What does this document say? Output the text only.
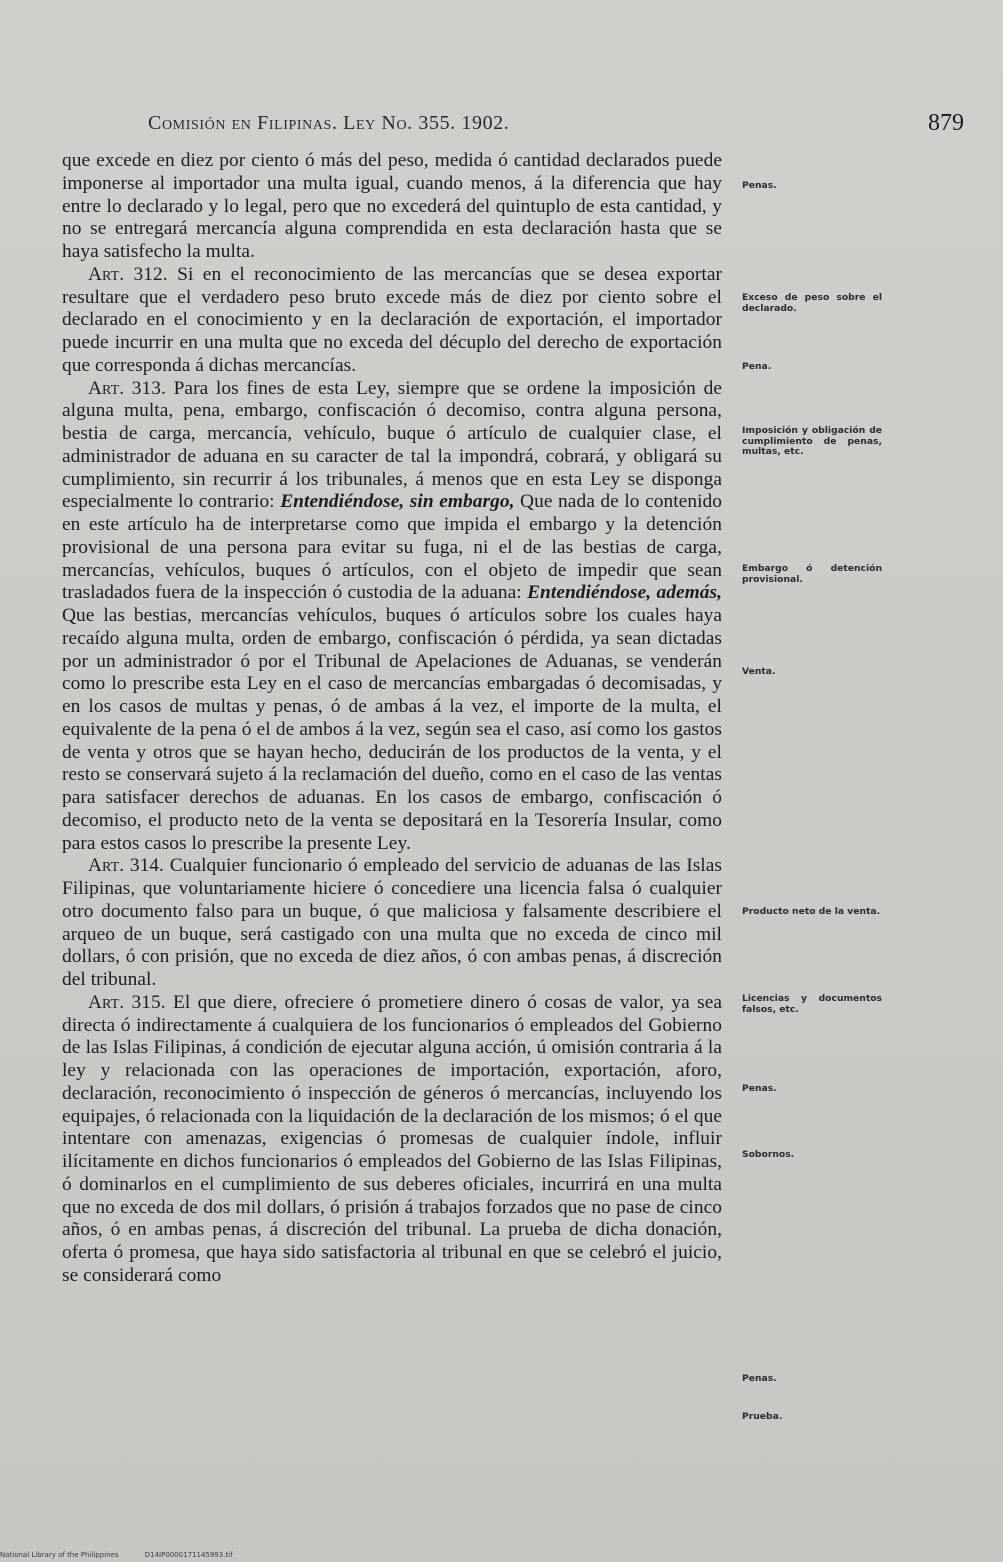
Comisión en Filipinas. Ley No. 355. 1902.	879

que excede en diez por ciento ó más del peso, medida ó cantidad declarados puede imponerse al importador una multa igual, cuando menos, á la diferencia que hay entre lo declarado y lo legal, pero que no excederá del quintuplo de esta cantidad, y no se entregará mercancía alguna comprendida en esta declaración hasta que se haya satisfecho la multa.

Art. 312. Si en el reconocimiento de las mercancías que se desea exportar resultare que el verdadero peso bruto excede más de diez por ciento sobre el declarado en el conocimiento y en la declaración de exportación, el importador puede incurrir en una multa que no exceda del décuplo del derecho de exportación que corresponda á dichas mercancías.

Art. 313. Para los fines de esta Ley, siempre que se ordene la imposición de alguna multa, pena, embargo, confiscación ó decomiso, contra alguna persona, bestia de carga, mercancía, vehículo, buque ó artículo de cualquier clase, el administrador de aduana en su caracter de tal la impondrá, cobrará, y obligará su cumplimiento, sin recurrir á los tribunales, á menos que en esta Ley se disponga especialmente lo contrario: Entendiéndose, sin embargo, Que nada de lo contenido en este artículo ha de interpretarse como que impida el embargo y la detención provisional de una persona para evitar su fuga, ni el de las bestias de carga, mercancías, vehículos, buques ó artículos, con el objeto de impedir que sean trasladados fuera de la inspección ó custodia de la aduana: Entendiéndose, además, Que las bestias, mercancías vehículos, buques ó artículos sobre los cuales haya recaído alguna multa, orden de embargo, confiscación ó pérdida, ya sean dictadas por un administrador ó por el Tribunal de Apelaciones de Aduanas, se venderán como lo prescribe esta Ley en el caso de mercancías embargadas ó decomisadas, y en los casos de multas y penas, ó de ambas á la vez, el importe de la multa, el equivalente de la pena ó el de ambos á la vez, según sea el caso, así como los gastos de venta y otros que se hayan hecho, deducirán de los productos de la venta, y el resto se conservará sujeto á la reclamación del dueño, como en el caso de las ventas para satisfacer derechos de aduanas. En los casos de embargo, confiscación ó decomiso, el producto neto de la venta se depositará en la Tesorería Insular, como para estos casos lo prescribe la presente Ley.

Art. 314. Cualquier funcionario ó empleado del servicio de aduanas de las Islas Filipinas, que voluntariamente hiciere ó concediere una licencia falsa ó cualquier otro documento falso para un buque, ó que maliciosa y falsamente describiere el arqueo de un buque, será castigado con una multa que no exceda de cinco mil dollars, ó con prisión, que no exceda de diez años, ó con ambas penas, á discreción del tribunal.

Art. 315. El que diere, ofreciere ó prometiere dinero ó cosas de valor, ya sea directa ó indirectamente á cualquiera de los funcionarios ó empleados del Gobierno de las Islas Filipinas, á condición de ejecutar alguna acción, ú omisión contraria á la ley y relacionada con las operaciones de importación, exportación, aforo, declaración, reconocimiento ó inspección de géneros ó mercancías, incluyendo los equipajes, ó relacionada con la liquidación de la declaración de los mismos; ó el que intentare con amenazas, exigencias ó promesas de cualquier índole, influir ilícitamente en dichos funcionarios ó empleados del Gobierno de las Islas Filipinas, ó dominarlos en el cumplimiento de sus deberes oficiales, incurrirá en una multa que no exceda de dos mil dollars, ó prisión á trabajos forzados que no pase de cinco años, ó en ambas penas, á discreción del tribunal. La prueba de dicha donación, oferta ó promesa, que haya sido satisfactoria al tribunal en que se celebró el juicio, se considerará como

Penas.
Exceso de peso sobre el declarado.
Pena.
Imposición y obligación de cumplimiento de penas, multas, etc.
Embargo ó detención provisional.
Venta.
Producto neto de la venta.
Licencias y documentos falsos, etc.
Penas.
Sobornos.
Penas.
Prueba.
National Library of the Philippines	D14IP0000171145993.tif
